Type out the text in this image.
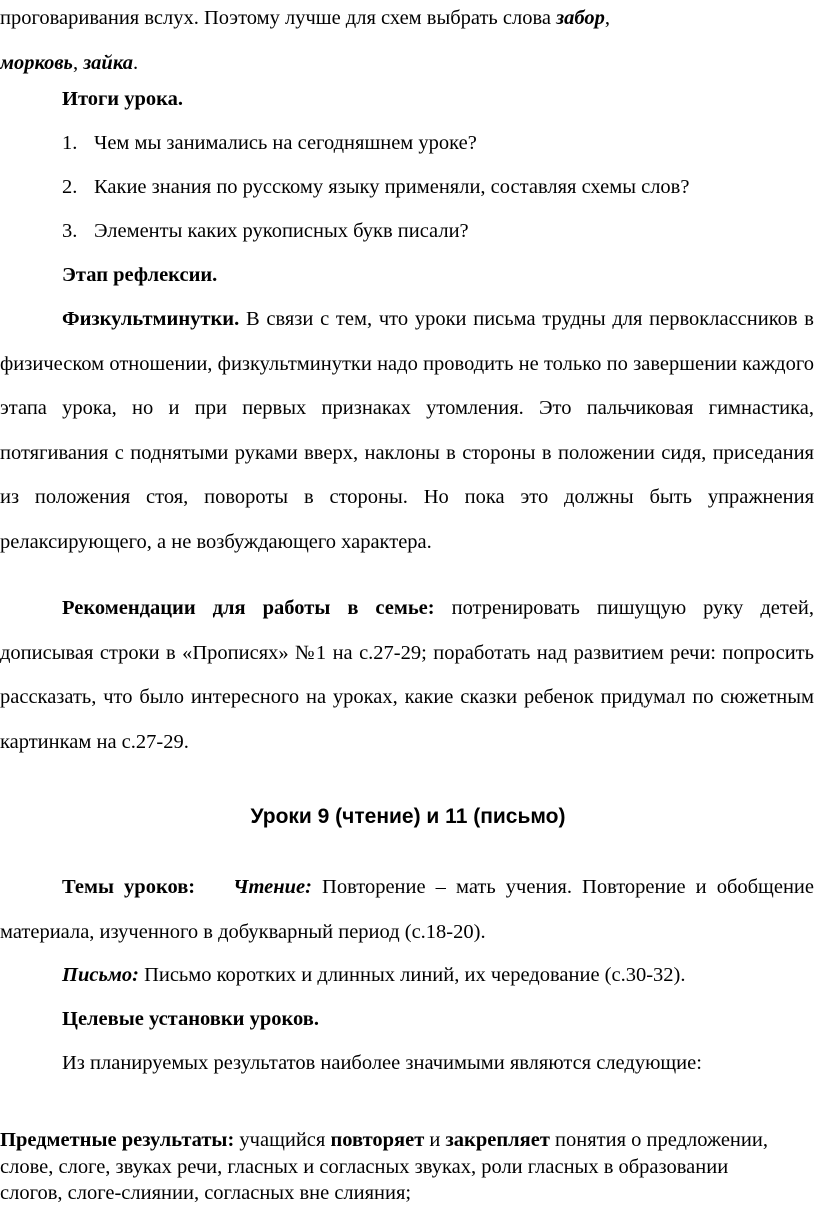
проговаривания вслух. Поэтому лучше для схем выбрать слова забор,
морковь, зайка.

Итоги урока.

1. Чем мы занимались на сегодняшнем уроке?

2. Какие знания по русскому языку применяли, составляя схемы слов?

3. Элементы каких рукописных букв писали?

Этап рефлексии.

Физкультминутки. В связи с тем, что уроки письма трудны для первоклассников в физическом отношении, физкультминутки надо проводить не только по завершении каждого этапа урока, но и при первых признаках утомления. Это пальчиковая гимнастика, потягивания с поднятыми руками вверх, наклоны в стороны в положении сидя, приседания из положения стоя, повороты в стороны. Но пока это должны быть упражнения релаксирующего, а не возбуждающего характера.

Рекомендации для работы в семье: потренировать пишущую руку детей, дописывая строки в «Прописях» №1 на с.27-29; поработать над развитием речи: попросить рассказать, что было интересного на уроках, какие сказки ребенок придумал по сюжетным картинкам на с.27-29.

Уроки 9 (чтение) и 11 (письмо)

Темы уроков: Чтение: Повторение – мать учения. Повторение и обобщение материала, изученного в добукварный период (с.18-20).

Письмо: Письмо коротких и длинных линий, их чередование (с.30-32).

Целевые установки уроков.

Из планируемых результатов наиболее значимыми являются следующие:

Предметные результаты: учащийся повторяет и закрепляет понятия о предложении, слове, слоге, звуках речи, гласных и согласных звуках, роли гласных в образовании слогов, слоге-слиянии, согласных вне слияния;
